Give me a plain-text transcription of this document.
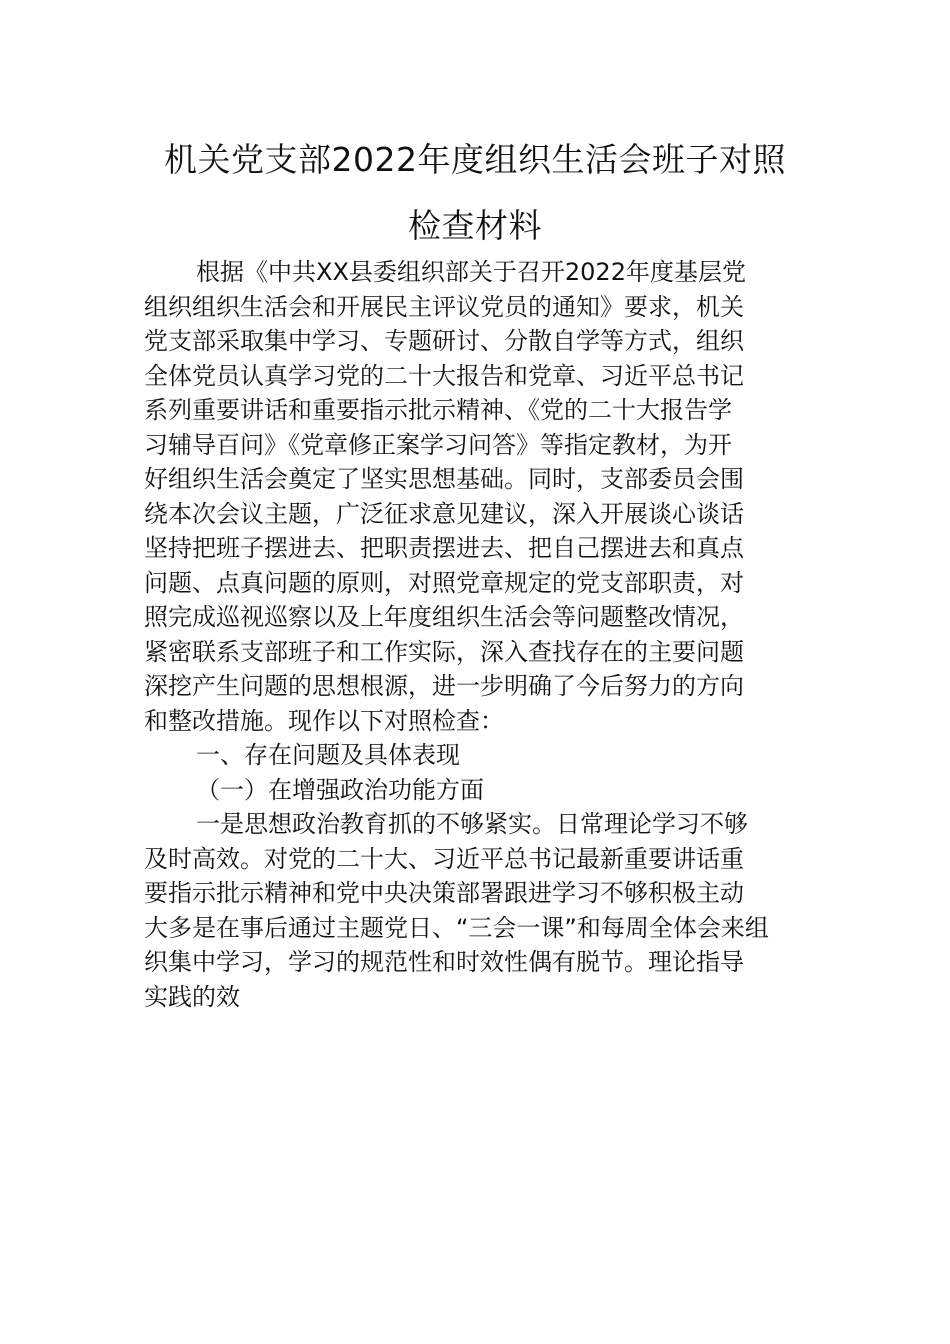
机关党支部2022年度组织生活会班子对照
检查材料
根据《中共XX县委组织部关于召开2022年度基层党
组织组织生活会和开展民主评议党员的通知》要求，机关
党支部采取集中学习、专题研讨、分散自学等方式，组织
全体党员认真学习党的二十大报告和党章、习近平总书记
系列重要讲话和重要指示批示精神、《党的二十大报告学
习辅导百问》《党章修正案学习问答》等指定教材，为开
好组织生活会奠定了坚实思想基础。同时，支部委员会围
绕本次会议主题，广泛征求意见建议，深入开展谈心谈话
坚持把班子摆进去、把职责摆进去、把自己摆进去和真点
问题、点真问题的原则，对照党章规定的党支部职责，对
照完成巡视巡察以及上年度组织生活会等问题整改情况，
紧密联系支部班子和工作实际，深入查找存在的主要问题
深挖产生问题的思想根源，进一步明确了今后努力的方向
和整改措施。现作以下对照检查：
一、存在问题及具体表现
（一）在增强政治功能方面
一是思想政治教育抓的不够紧实。日常理论学习不够
及时高效。对党的二十大、习近平总书记最新重要讲话重
要指示批示精神和党中央决策部署跟进学习不够积极主动
大多是在事后通过主题党日、“三会一课”和每周全体会来组
织集中学习，学习的规范性和时效性偶有脱节。理论指导
实践的效
